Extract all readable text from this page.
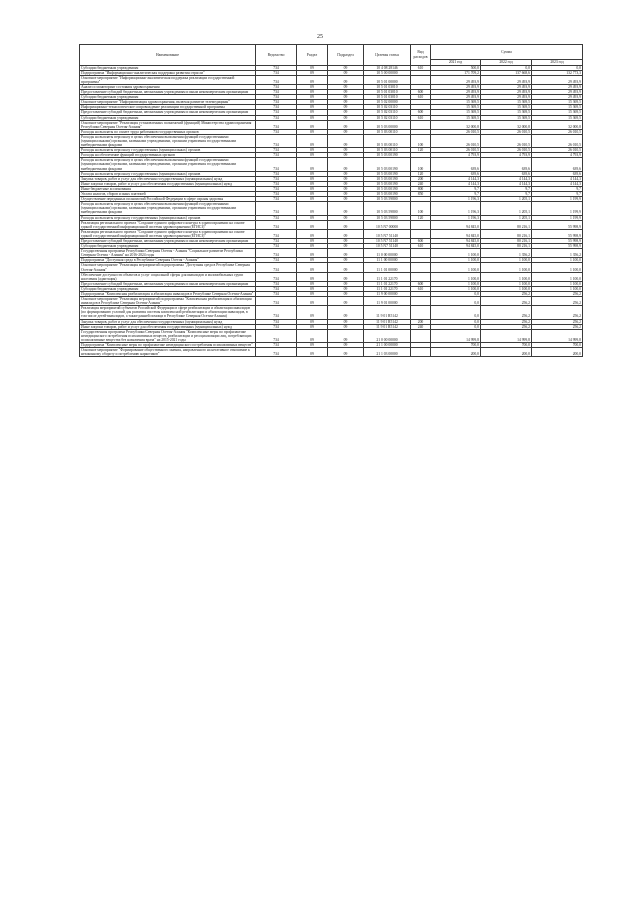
25
Наименование	Ведомство	Раздел	Подраздел	Целевая статья	Вид расходов	Сумма		
						2021 год	2022 год	2023 год
Субсидии бюджетным учреждениям	734	09	09	10 4 08 28146	610	500,0	0,0	0,0
Подпрограмма "Информационно-аналитическая поддержка развития отрасли"	734	09	09	10 5 00 00000		171 709,2	137 668,6	132 773,3
Основное мероприятие "Информационно-аналитическая поддержка реализации государственной программы"	734	09	09	10 5 01 00000		29 493,9	29 493,9	29 493,9
Анализ и мониторинг состояния здравоохранения	734	09	09	10 5 01 03010		29 493,9	29 493,9	29 493,9
Предоставление субсидий бюджетным, автономным учреждениям и иным некоммерческим организациям	734	09	09	10 5 01 03010	600	29 493,9	29 493,9	29 493,9
Субсидии бюджетным учреждениям	734	09	09	10 5 01 03010	610	29 493,9	29 493,9	29 493,9
Основное мероприятие "Информатизация здравоохранения, включая развитие телемедицины"	734	09	09	10 5 02 00000		15 369,5	15 369,5	15 369,5
Информационно-технологическое сопровождение реализации государственной программы	734	09	09	10 5 02 03110		15 369,5	15 369,5	15 369,5
Предоставление субсидий бюджетным, автономным учреждениям и иным некоммерческим организациям	734	09	09	10 5 02 03110	600	15 369,5	15 369,5	15 369,5
Субсидии бюджетным учреждениям	734	09	09	10 5 02 03110	610	15 369,5	15 369,5	15 369,5
Основное мероприятие "Реализация установленных полномочий (функций) Министерства здравоохранения Республики Северная Осетия-Алания"	734	09	09	10 5 03 00000		32 000,8	32 000,8	32 000,8
Расходы на выплаты по оплате труда работников государственных органов	734	09	09	10 5 03 00110		26 010,5	26 010,5	26 010,5
Расходы на выплаты персоналу в целях обеспечения выполнения функций государственными (муниципальными) органами, казенными учреждениями, органами управления государственными внебюджетными фондами	734	09	09	10 5 03 00110	100	26 010,5	26 010,5	26 010,5
Расходы на выплаты персоналу государственных (муниципальных) органов	734	09	09	10 5 03 00110	120	26 010,5	26 010,5	26 010,5
Расходы на обеспечение функций государственных органов	734	09	09	10 5 03 00190		4 793,9	4 793,9	4 793,9
Расходы на выплаты персоналу в целях обеспечения выполнения функций государственными (муниципальными) органами, казенными учреждениями, органами управления государственными внебюджетными фондами	734	09	09	10 5 03 00190	100	639,6	639,6	639,6
Расходы на выплаты персоналу государственных (муниципальных) органов	734	09	09	10 5 03 00190	120	639,6	639,6	639,6
Закупка товаров, работ и услуг для обеспечения государственных (муниципальных) нужд	734	09	09	10 5 03 00190	200	4 144,3	4 144,3	4 144,3
Иные закупки товаров, работ и услуг для обеспечения государственных (муниципальных) нужд	734	09	09	10 5 03 00190	240	4 144,3	4 144,3	4 144,3
Иные бюджетные ассигнования	734	09	09	10 5 03 00190	800	9,7	9,7	9,7
Уплата налогов, сборов и иных платежей	734	09	09	10 5 03 00190	850	9,7	9,7	9,7
Осуществление переданных полномочий Российской Федерации в сфере охраны здоровья	734	09	09	10 5 03 59800		1 196,3	1 205,1	1 199,9
Расходы на выплаты персоналу в целях обеспечения выполнения функций государственными (муниципальными) органами, казенными учреждениями, органами управления государственными внебюджетными фондами	734	09	09	10 5 03 59800	100	1 196,3	1 205,1	1 199,9
Расходы на выплаты персоналу государственных (муниципальных) органов	734	09	09	10 5 03 59800	120	1 196,3	1 205,1	1 199,9
Реализация регионального проекта "Создание единого цифрового контура в здравоохранении на основе единой государственной информационной системы здравоохранения (ЕГИСЗ)"	734	09	09	10 5 N7 00000		94 845,0	80 216,1	55 998,9
Реализация регионального проекта "Создание единого цифрового контура в здравоохранении на основе единой государственной информационной системы здравоохранения (ЕГИСЗ)"	734	09	09	10 5 N7 51140		94 845,0	80 216,1	55 998,9
Предоставление субсидий бюджетным, автономным учреждениям и иным некоммерческим организациям	734	09	09	10 5 N7 51140	600	94 845,0	80 216,1	55 998,9
Субсидии бюджетным учреждениям	734	09	09	10 5 N7 51140	610	94 845,0	80 216,1	55 998,9
Государственная программа Республики Северная Осетия - Алания "Социальное развитие Республики Северная Осетия - Алания" на 2016-2024 годы	734	09	09	11 0 00 00000		1 100,0	1 356,2	1 356,2
Подпрограмма "Доступная среда в Республике Северная Осетия - Алания"	734	09	09	11 1 00 00000		1 100,0	1 100,0	1 100,0
Основное мероприятие "Реализация мероприятий подпрограммы "Доступная среда в Республике Северная Осетия-Алания"	734	09	09	11 1 01 00000		1 100,0	1 100,0	1 100,0
Обеспечение доступности объектов и услуг социальной сферы для инвалидов и маломобильных групп населения (адаптация)	734	09	09	11 1 01 22170		1 100,0	1 100,0	1 100,0
Предоставление субсидий бюджетным, автономным учреждениям и иным некоммерческим организациям	734	09	09	11 1 01 22170	600	1 100,0	1 100,0	1 100,0
Субсидии бюджетным учреждениям	734	09	09	11 1 01 22170	610	1 100,0	1 100,0	1 100,0
Подпрограмма "Комплексная реабилитация и абилитация инвалидов в Республике Северная Осетия-Алания"	734	09	09	11 9 00 00000		0,0	256,2	256,2
Основное мероприятие "Реализация мероприятий подпрограммы "Комплексная реабилитация и абилитация инвалидов в Республике Северная Осетия-Алания"	734	09	09	11 9 01 00000		0,0	256,2	256,2
Реализация мероприятий субъектов Российской Федерации в сфере реабилитации и абилитации инвалидов (по формированию условий для развития системы комплексной реабилитации и абилитации инвалидов, в том числе детей-инвалидов, а также ранней помощи в Республике Северная Осетия-Алания)	734	09	09	11 9 01 R5142		0,0	256,2	256,2
Закупка товаров, работ и услуг для обеспечения государственных (муниципальных) нужд	734	09	09	11 9 01 R5142	200	0,0	256,2	256,2
Иные закупки товаров, работ и услуг для обеспечения государственных (муниципальных) нужд	734	09	09	11 9 01 R5142	240	0,0	256,2	256,2
Государственная программа Республики Северная Осетия-Алания "Комплексные меры по профилактике немедицинского потребления психоактивных веществ, реабилитации и ресоциализации лиц, потребляющих психоактивные вещества без назначения врача" на 2015-2021 годы	734	09	09	21 0 00 00000		14 999,8	14 999,8	14 999,8
Подпрограмма "Комплексные меры по профилактике немедицинского потребления психоактивных веществ"	734	09	09	21 1 00 00000		700,0	700,0	700,0
Основное мероприятие "Формирование общественного мнения, направленного на негативное отношение к незаконному обороту и потреблению наркотиков"	734	09	09	21 1 03 00000		200,0	200,0	200,0
